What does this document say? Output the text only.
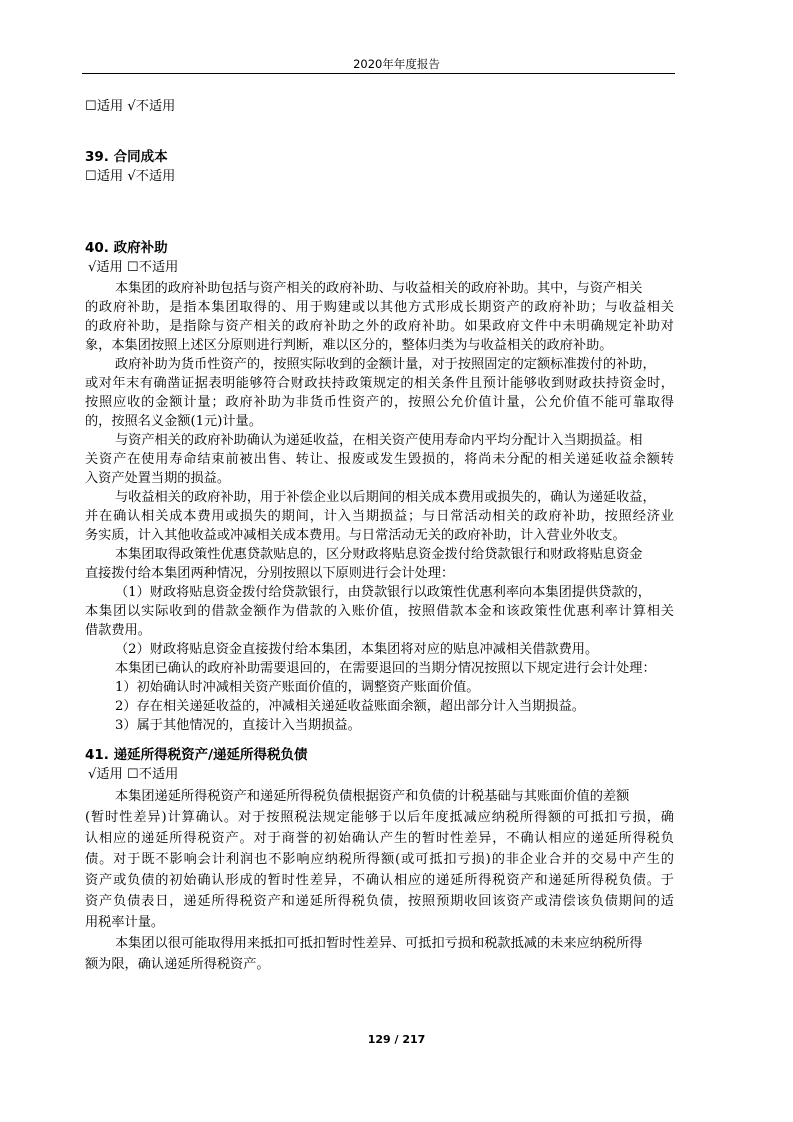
2020年年度报告
☐适用 √不适用
39. 合同成本
☐适用 √不适用
40. 政府补助
√适用 ☐不适用
本集团的政府补助包括与资产相关的政府补助、与收益相关的政府补助。其中，与资产相关
的政府补助，是指本集团取得的、用于购建或以其他方式形成长期资产的政府补助；与收益相关
的政府补助，是指除与资产相关的政府补助之外的政府补助。如果政府文件中未明确规定补助对
象，本集团按照上述区分原则进行判断，难以区分的，整体归类为与收益相关的政府补助。
政府补助为货币性资产的，按照实际收到的金额计量，对于按照固定的定额标准拨付的补助，
或对年末有确凿证据表明能够符合财政扶持政策规定的相关条件且预计能够收到财政扶持资金时，
按照应收的金额计量；政府补助为非货币性资产的，按照公允价值计量，公允价值不能可靠取得
的，按照名义金额(1元)计量。
与资产相关的政府补助确认为递延收益，在相关资产使用寿命内平均分配计入当期损益。相
关资产在使用寿命结束前被出售、转让、报废或发生毁损的，将尚未分配的相关递延收益余额转
入资产处置当期的损益。
与收益相关的政府补助，用于补偿企业以后期间的相关成本费用或损失的，确认为递延收益，
并在确认相关成本费用或损失的期间，计入当期损益；与日常活动相关的政府补助，按照经济业
务实质，计入其他收益或冲减相关成本费用。与日常活动无关的政府补助，计入营业外收支。
本集团取得政策性优惠贷款贴息的，区分财政将贴息资金拨付给贷款银行和财政将贴息资金
直接拨付给本集团两种情况，分别按照以下原则进行会计处理：
（1）财政将贴息资金拨付给贷款银行，由贷款银行以政策性优惠利率向本集团提供贷款的，
本集团以实际收到的借款金额作为借款的入账价值，按照借款本金和该政策性优惠利率计算相关
借款费用。
（2）财政将贴息资金直接拨付给本集团，本集团将对应的贴息冲减相关借款费用。
本集团已确认的政府补助需要退回的，在需要退回的当期分情况按照以下规定进行会计处理：
1）初始确认时冲减相关资产账面价值的，调整资产账面价值。
2）存在相关递延收益的，冲减相关递延收益账面余额，超出部分计入当期损益。
3）属于其他情况的，直接计入当期损益。
41. 递延所得税资产/递延所得税负债
√适用 ☐不适用
本集团递延所得税资产和递延所得税负债根据资产和负债的计税基础与其账面价值的差额
(暂时性差异)计算确认。对于按照税法规定能够于以后年度抵减应纳税所得额的可抵扣亏损，确
认相应的递延所得税资产。对于商誉的初始确认产生的暂时性差异，不确认相应的递延所得税负
债。对于既不影响会计利润也不影响应纳税所得额(或可抵扣亏损)的非企业合并的交易中产生的
资产或负债的初始确认形成的暂时性差异，不确认相应的递延所得税资产和递延所得税负债。于
资产负债表日，递延所得税资产和递延所得税负债，按照预期收回该资产或清偿该负债期间的适
用税率计量。
本集团以很可能取得用来抵扣可抵扣暂时性差异、可抵扣亏损和税款抵减的未来应纳税所得
额为限，确认递延所得税资产。
129 / 217
